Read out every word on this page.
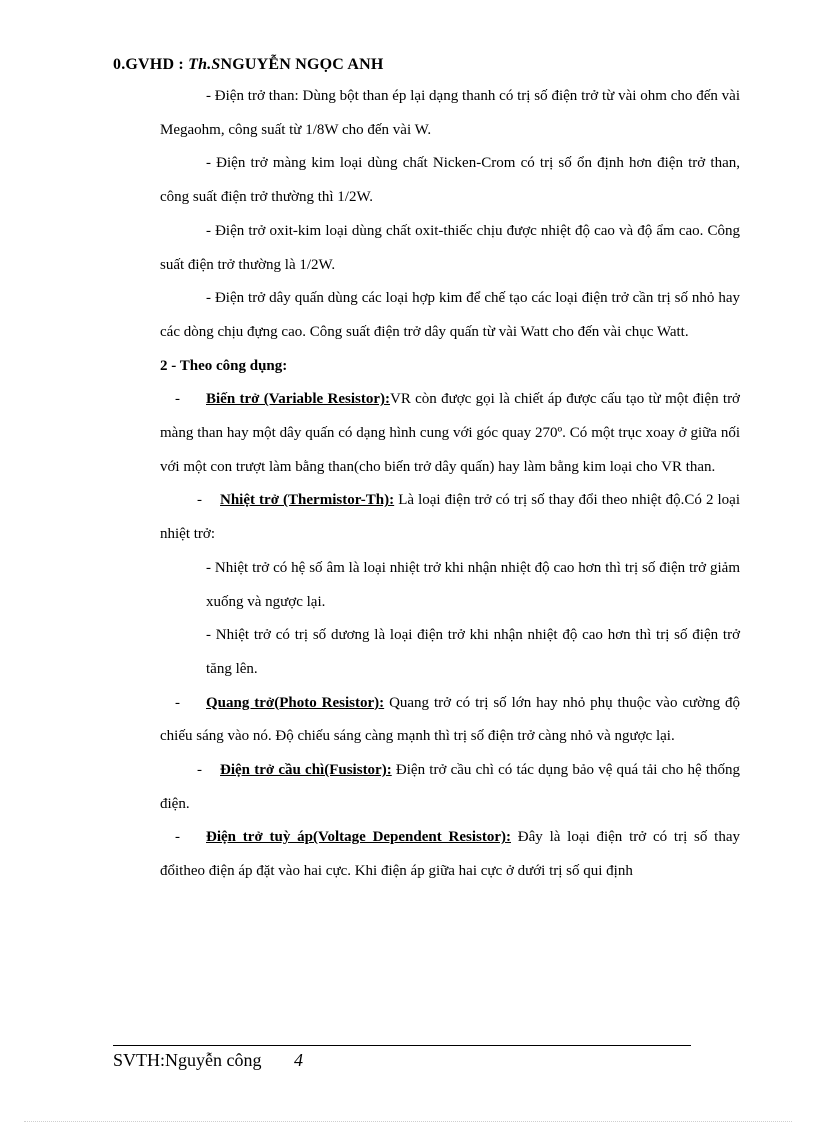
0.GVHD : Th.SNGUYỄN NGỌC ANH

- Điện trở than: Dùng bột than ép lại dạng thanh có trị số điện trở từ vài ohm cho đến vài Megaohm, công suất từ 1/8W cho đến vài W.

- Điện trở màng kim loại dùng chất Nicken-Crom có trị số ổn định hơn điện trở than, công suất điện trở thường thì 1/2W.

- Điện trở oxit-kim loại dùng chất oxit-thiếc chịu được nhiệt độ cao và độ ẩm cao. Công suất điện trở thường là 1/2W.

- Điện trở dây quấn dùng các loại hợp kim để chế tạo các loại điện trở cần trị số nhỏ hay các dòng chịu đựng cao. Công suất điện trở dây quấn từ vài Watt cho đến vài chục Watt.

2 - Theo công dụng:

- Biến trở (Variable Resistor):VR còn được gọi là chiết áp được cấu tạo từ một điện trở màng than hay một dây quấn có dạng hình cung với góc quay 270º. Có một trục xoay ở giữa nối với một con trượt làm bằng than(cho biến trở dây quấn) hay làm bằng kim loại cho VR than.

- Nhiệt trở (Thermistor-Th): Là loại điện trở có trị số thay đổi theo nhiệt độ.Có 2 loại nhiệt trở:

- Nhiệt trở có hệ số âm là loại nhiệt trở khi nhận nhiệt độ cao hơn thì trị số điện trở giảm xuống và ngược lại.

- Nhiệt trở có trị số dương là loại điện trở khi nhận nhiệt độ cao hơn thì trị số điện trở tăng lên.

- Quang trở(Photo Resistor): Quang trở có trị số lớn hay nhỏ phụ thuộc vào cường độ chiếu sáng vào nó. Độ chiếu sáng càng mạnh thì trị số điện trở càng nhỏ và ngược lại.

- Điện trở cầu chì(Fusistor): Điện trở cầu chì có tác dụng bảo vệ quá tải cho hệ thống điện.

- Điện trở tuỳ áp(Voltage Dependent Resistor): Đây là loại điện trở có trị số thay đổitheo điện áp đặt vào hai cực. Khi điện áp giữa hai cực ở dưới trị số qui định

SVTH:Nguyễn công 4
